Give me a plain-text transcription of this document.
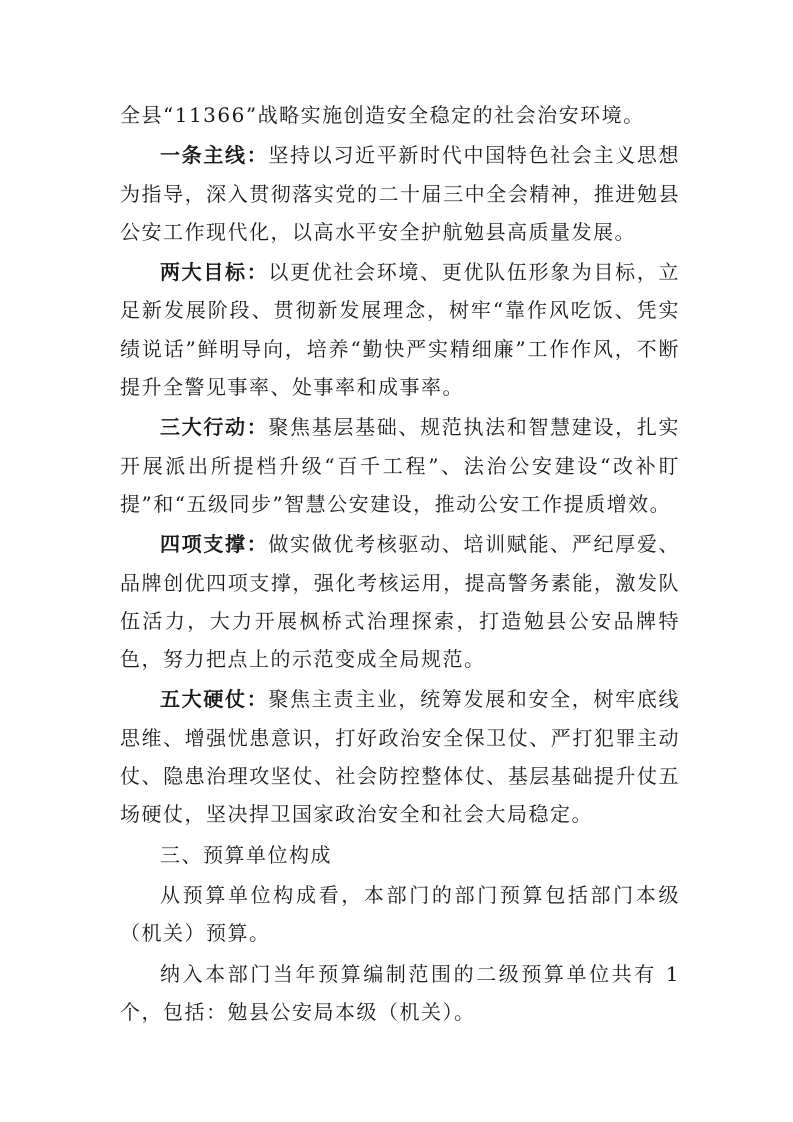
全县“11366”战略实施创造安全稳定的社会治安环境。

一条主线：坚持以习近平新时代中国特色社会主义思想为指导，深入贯彻落实党的二十届三中全会精神，推进勉县公安工作现代化，以高水平安全护航勉县高质量发展。

两大目标：以更优社会环境、更优队伍形象为目标，立足新发展阶段、贯彻新发展理念，树牢“靠作风吃饭、凭实绩说话”鲜明导向，培养“勤快严实精细廉”工作作风，不断提升全警见事率、处事率和成事率。

三大行动：聚焦基层基础、规范执法和智慧建设，扎实开展派出所提档升级“百千工程”、法治公安建设“改补盯提”和“五级同步”智慧公安建设，推动公安工作提质增效。

四项支撑：做实做优考核驱动、培训赋能、严纪厚爱、品牌创优四项支撑，强化考核运用，提高警务素能，激发队伍活力，大力开展枫桥式治理探索，打造勉县公安品牌特色，努力把点上的示范变成全局规范。

五大硬仗：聚焦主责主业，统筹发展和安全，树牢底线思维、增强忧患意识，打好政治安全保卫仗、严打犯罪主动仗、隐患治理攻坚仗、社会防控整体仗、基层基础提升仗五场硬仗，坚决捍卫国家政治安全和社会大局稳定。

三、预算单位构成

从预算单位构成看，本部门的部门预算包括部门本级（机关）预算。

纳入本部门当年预算编制范围的二级预算单位共有 1 个，包括：勉县公安局本级（机关）。
